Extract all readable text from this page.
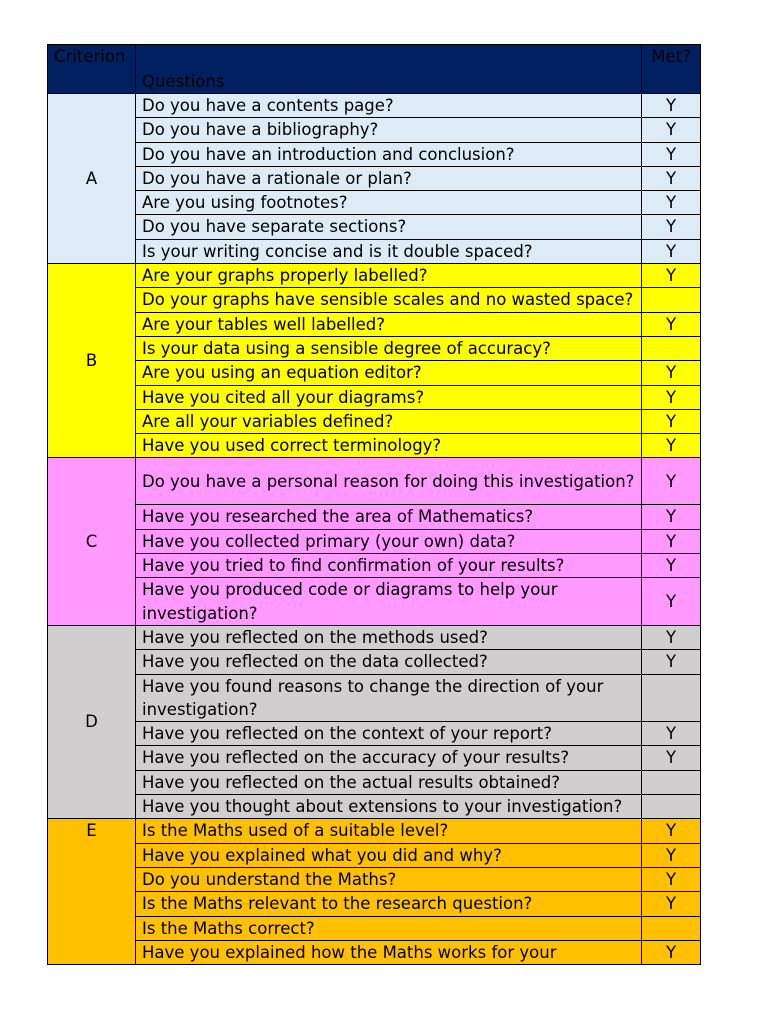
Criterion	Questions	Met?
A	Do you have a contents page?	Y
	Do you have a bibliography?	Y
	Do you have an introduction and conclusion?	Y
	Do you have a rationale or plan?	Y
	Are you using footnotes?	Y
	Do you have separate sections?	Y
	Is your writing concise and is it double spaced?	Y
B	Are your graphs properly labelled?	Y
	Do your graphs have sensible scales and no wasted space?	
	Are your tables well labelled?	Y
	Is your data using a sensible degree of accuracy?	
	Are you using an equation editor?	Y
	Have you cited all your diagrams?	Y
	Are all your variables defined?	Y
	Have you used correct terminology?	Y
C	Do you have a personal reason for doing this investigation?	Y
	Have you researched the area of Mathematics?	Y
	Have you collected primary (your own) data?	Y
	Have you tried to find confirmation of your results?	Y
	Have you produced code or diagrams to help your investigation?	Y
D	Have you reflected on the methods used?	Y
	Have you reflected on the data collected?	Y
	Have you found reasons to change the direction of your investigation?	
	Have you reflected on the context of your report?	Y
	Have you reflected on the accuracy of your results?	Y
	Have you reflected on the actual results obtained?	
	Have you thought about extensions to your investigation?	
E	Is the Maths used of a suitable level?	Y
	Have you explained what you did and why?	Y
	Do you understand the Maths?	Y
	Is the Maths relevant to the research question?	Y
	Is the Maths correct?	
	Have you explained how the Maths works for your	Y
